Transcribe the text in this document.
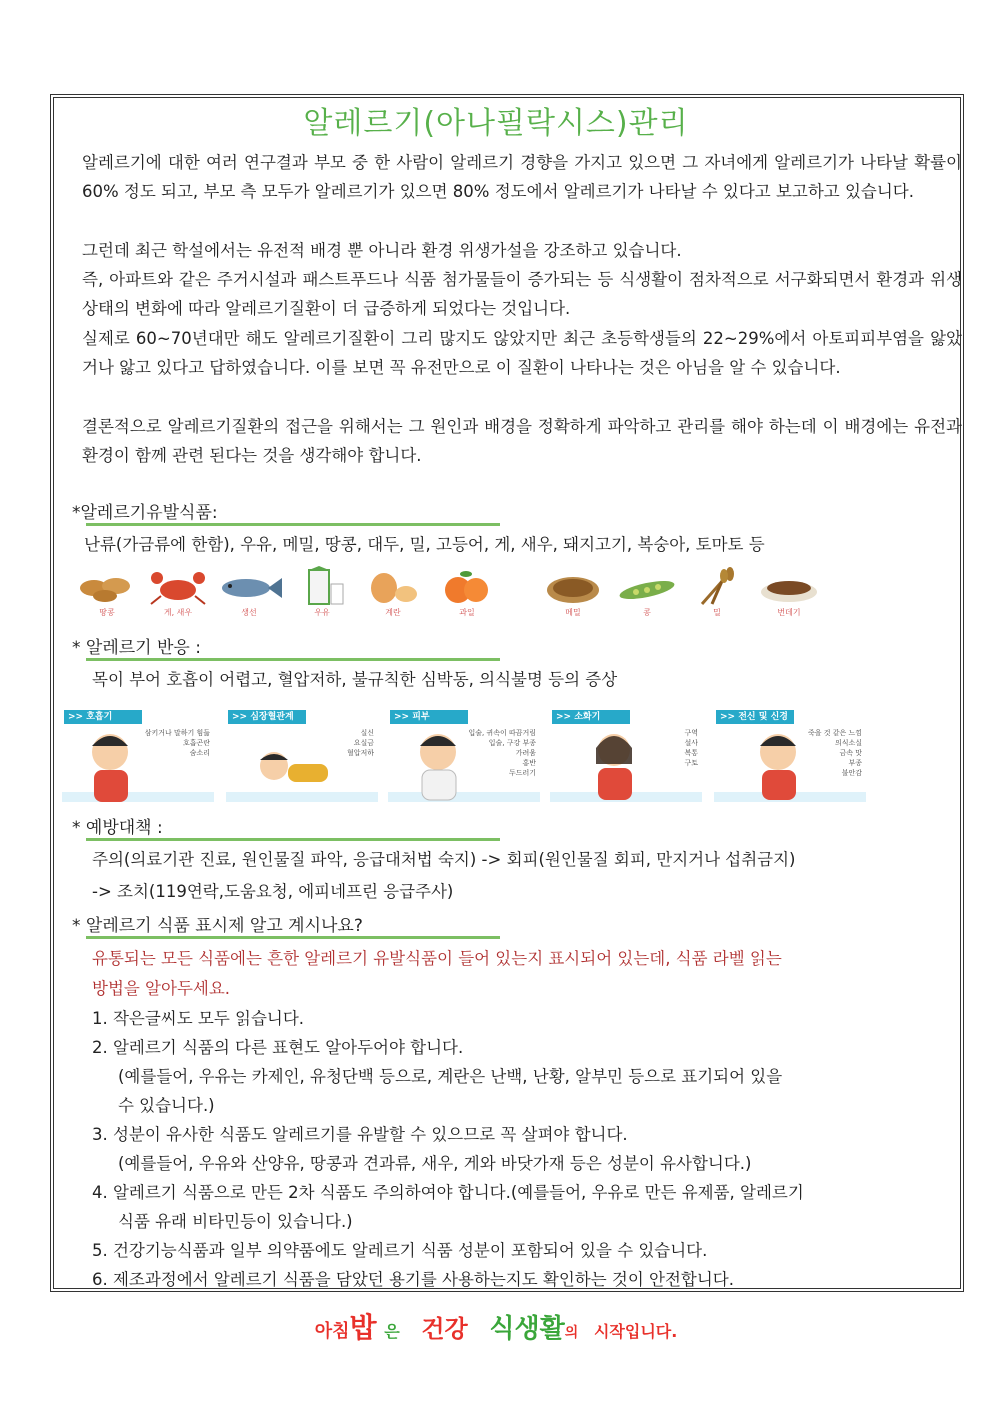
알레르기(아나필락시스)관리

알레르기에 대한 여러 연구결과 부모 중 한 사람이 알레르기 경향을 가지고 있으면 그 자녀에게 알레르기가 나타날 확률이 60% 정도 되고, 부모 측 모두가 알레르기가 있으면 80% 정도에서 알레르기가 나타날 수 있다고 보고하고 있습니다.

그런데 최근 학설에서는 유전적 배경 뿐 아니라 환경 위생가설을 강조하고 있습니다.

즉, 아파트와 같은 주거시설과 패스트푸드나 식품 첨가물들이 증가되는 등 식생활이 점차적으로 서구화되면서 환경과 위생상태의 변화에 따라 알레르기질환이 더 급증하게 되었다는 것입니다.

실제로 60~70년대만 해도 알레르기질환이 그리 많지도 않았지만 최근 초등학생들의 22~29%에서 아토피피부염을 앓았거나 앓고 있다고 답하였습니다. 이를 보면 꼭 유전만으로 이 질환이 나타나는 것은 아님을 알 수 있습니다.

결론적으로 알레르기질환의 접근을 위해서는 그 원인과 배경을 정확하게 파악하고 관리를 해야 하는데 이 배경에는 유전과 환경이 함께 관련 된다는 것을 생각해야 합니다.

*알레르기유발식품:
난류(가금류에 한함), 우유, 메밀, 땅콩, 대두, 밀, 고등어, 게, 새우, 돼지고기, 복숭아, 토마토 등
땅콩	게, 새우	생선	우유	계란	과일	메밀	콩	밀	번데기
* 알레르기 반응 :
목이 부어 호흡이 어렵고, 혈압저하, 불규칙한 심박동, 의식불명 등의 증상
>> 호흡기
삼키거나 말하기 힘듦
호흡곤란
숨소리
>> 심장혈관계
실신
요실금
혈압저하
>> 피부
입술, 귀속이 따끔거림
입술, 구강 부종
가려움
홍반
두드러기
>> 소화기
구역
설사
복통
구토
>> 전신 및 신경
죽을 것 같은 느낌
의식소실
금속 맛
부종
불안감
* 예방대책 :
주의(의료기관 진료, 원인물질 파악, 응급대처법 숙지) -> 회피(원인물질 회피, 만지거나 섭취금지)
-> 조치(119연락,도움요청, 에피네프린 응급주사)
* 알레르기 식품 표시제 알고 계시나요?
유통되는 모든 식품에는 흔한 알레르기 유발식품이 들어 있는지 표시되어 있는데, 식품 라벨 읽는
방법을 알아두세요.
1. 작은글씨도 모두 읽습니다.
2. 알레르기 식품의 다른 표현도 알아두어야 합니다.
(예를들어, 우유는 카제인, 유청단백 등으로, 계란은 난백, 난황, 알부민 등으로 표기되어 있을
수 있습니다.)
3. 성분이 유사한 식품도 알레르기를 유발할 수 있으므로 꼭 살펴야 합니다.
(예를들어, 우유와 산양유, 땅콩과 견과류, 새우, 게와 바닷가재 등은 성분이 유사합니다.)
4. 알레르기 식품으로 만든 2차 식품도 주의하여야 합니다.(예를들어, 우유로 만든 유제품, 알레르기
식품 유래 비타민등이 있습니다.)
5. 건강기능식품과 일부 의약품에도 알레르기 식품 성분이 포함되어 있을 수 있습니다.
6. 제조과정에서 알레르기 식품을 담았던 용기를 사용하는지도 확인하는 것이 안전합니다.
아침밥 은 건강 식생활의 시작입니다.
